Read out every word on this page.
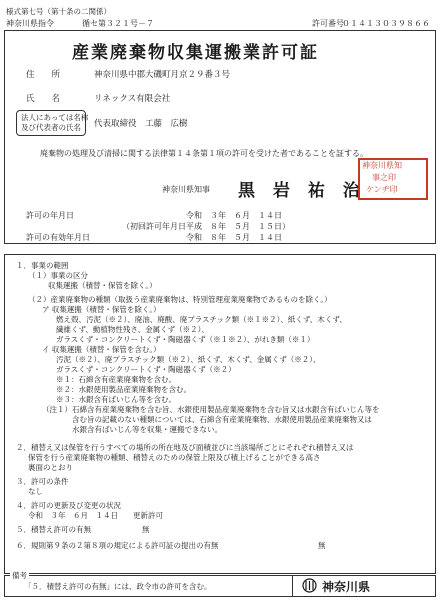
様式第七号（第十条の二関係）
神奈川県指令	循セ第３２１号－７	許可番号
０１４１３０３９８６６
産業廃棄物収集運搬業許可証
住　　所	神奈川県中郡大磯町月京２９番３号
氏　　名	リネックス有限会社
法人にあっては名称
及び代表者の氏名 代表取締役　工藤　広樹
廃棄物の処理及び清掃に関する法律第１４条第１項の許可を受けた者であることを証する。
神奈川県知事 黒 岩 祐 治
神奈川県知
事之印
ケンヂ印
許可の年月日	令和　３年　６月　１４日
（初回許可年月日 平成　８年　５月　１５日）
許可の有効年月日	令和　８年　５月　１４日
１．事業の範囲
（１）事業の区分
収集運搬（積替・保管を除く。）
（２）産業廃棄物の種類（取扱う産業廃棄物は、特別管理産業廃棄物であるものを除く。）
ア 収集運搬（積替・保管を除く。）
燃え殻、汚泥（※２）、廃油、廃酸、廃プラスチック類（※１※２）、紙くず、木くず、
繊維くず、動植物性残さ、金属くず（※２）、
ガラスくず・コンクリートくず・陶磁器くず（※１※２）、がれき類（※１）
イ 収集運搬（積替・保管を含む。）
汚泥（※２）、廃プラスチック類（※２）、紙くず、木くず、金属くず（※２）、
ガラスくず・コンクリートくず・陶磁器くず（※２）
※１：石綿含有産業廃棄物を含む。
※２：水銀使用製品産業廃棄物を含む。
※３：水銀含有ばいじん等を含む。
（注１）石綿含有産業廃棄物を含む旨、水銀使用製品産業廃棄物を含む旨又は水銀含有ばいじん等を
含む旨の記載のない種類については、石綿含有産業廃棄物、水銀使用製品産業廃棄物又は
水銀含有ばいじん等を収集・運搬できない。
２．積替え又は保管を行うすべての場所の所在地及び面積並びに当該場所ごとにそれぞれ積替え又は
保管を行う産業廃棄物の種類、積替えのための保管上限及び積上げることができる高さ
裏面のとおり
３．許可の条件
なし
４．許可の更新及び変更の状況
令和　３年　６月　１４日　　更新許可
５．積替え許可の有無	無
６．規則第９条の２第８項の規定による許可証の提出の有無	無
備考
「５．積替え許可の有無」には、政令市の許可を含む。	神奈川県
